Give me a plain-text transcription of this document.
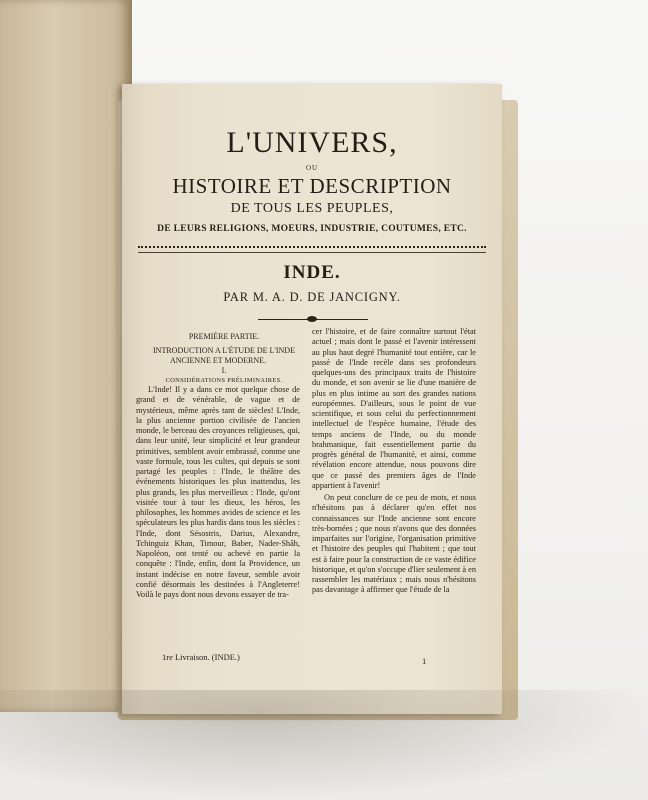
L'UNIVERS,
OU
HISTOIRE ET DESCRIPTION
DE TOUS LES PEUPLES,
DE LEURS RELIGIONS, MOEURS, INDUSTRIE, COUTUMES, ETC.
INDE.
PAR M. A. D. DE JANCIGNY.

PREMIÈRE PARTIE.

INTRODUCTION A L'ÉTUDE DE L'INDE ANCIENNE ET MODERNE.

I.

CONSIDÉRATIONS PRÉLIMINAIRES.

L'Inde! Il y a dans ce mot quelque chose de grand et de vénérable, de vague et de mystérieux, même après tant de siècles! L'Inde, la plus ancienne portion civilisée de l'ancien monde, le berceau des croyances religieuses, qui, dans leur unité, leur simplicité et leur grandeur primitives, semblent avoir embrassé, comme une vaste formule, tous les cultes, qui depuis se sont partagé les peuples : l'Inde, le théâtre des événements historiques les plus inattendus, les plus grands, les plus merveilleux : l'Inde, qu'ont visitée tour à tour les dieux, les héros, les philosophes, les hommes avides de science et les spéculateurs les plus hardis dans tous les siècles : l'Inde, dont Sésostris, Darius, Alexandre, Tchinguiz Khan, Timour, Baber, Nader-Shâh, Napoléon, ont tenté ou achevé en partie la conquête : l'Inde, enfin, dont la Providence, un instant indécise en notre faveur, semble avoir confié désormais les destinées à l'Angleterre! Voilà le pays dont nous devons essayer de tra-

cer l'histoire, et de faire connaître surtout l'état actuel ; mais dont le passé et l'avenir intéressent au plus haut degré l'humanité tout entière, car le passé de l'Inde recèle dans ses profondeurs quelques-uns des principaux traits de l'histoire du monde, et son avenir se lie d'une manière de plus en plus intime au sort des grandes nations européennes. D'ailleurs, sous le point de vue scientifique, et sous celui du perfectionnement intellectuel de l'espèce humaine, l'étude des temps anciens de l'Inde, ou du monde brahmanique, fait essentiellement partie du progrès général de l'humanité, et ainsi, comme révélation encore attendue, nous pouvons dire que ce passé des premiers âges de l'Inde appartient à l'avenir!

On peut conclure de ce peu de mots, et nous n'hésitons pas à déclarer qu'en effet nos connaissances sur l'Inde ancienne sont encore très-bornées ; que nous n'avons que des données imparfaites sur l'origine, l'organisation primitive et l'histoire des peuples qui l'habitent ; que tout est à faire pour la construction de ce vaste édifice historique, et qu'on s'occupe d'lier seulement à en rassembler les matériaux ; mais nous n'hésitons pas davantage à affirmer que l'étude de la

1re Livraison. (INDE.)	1
